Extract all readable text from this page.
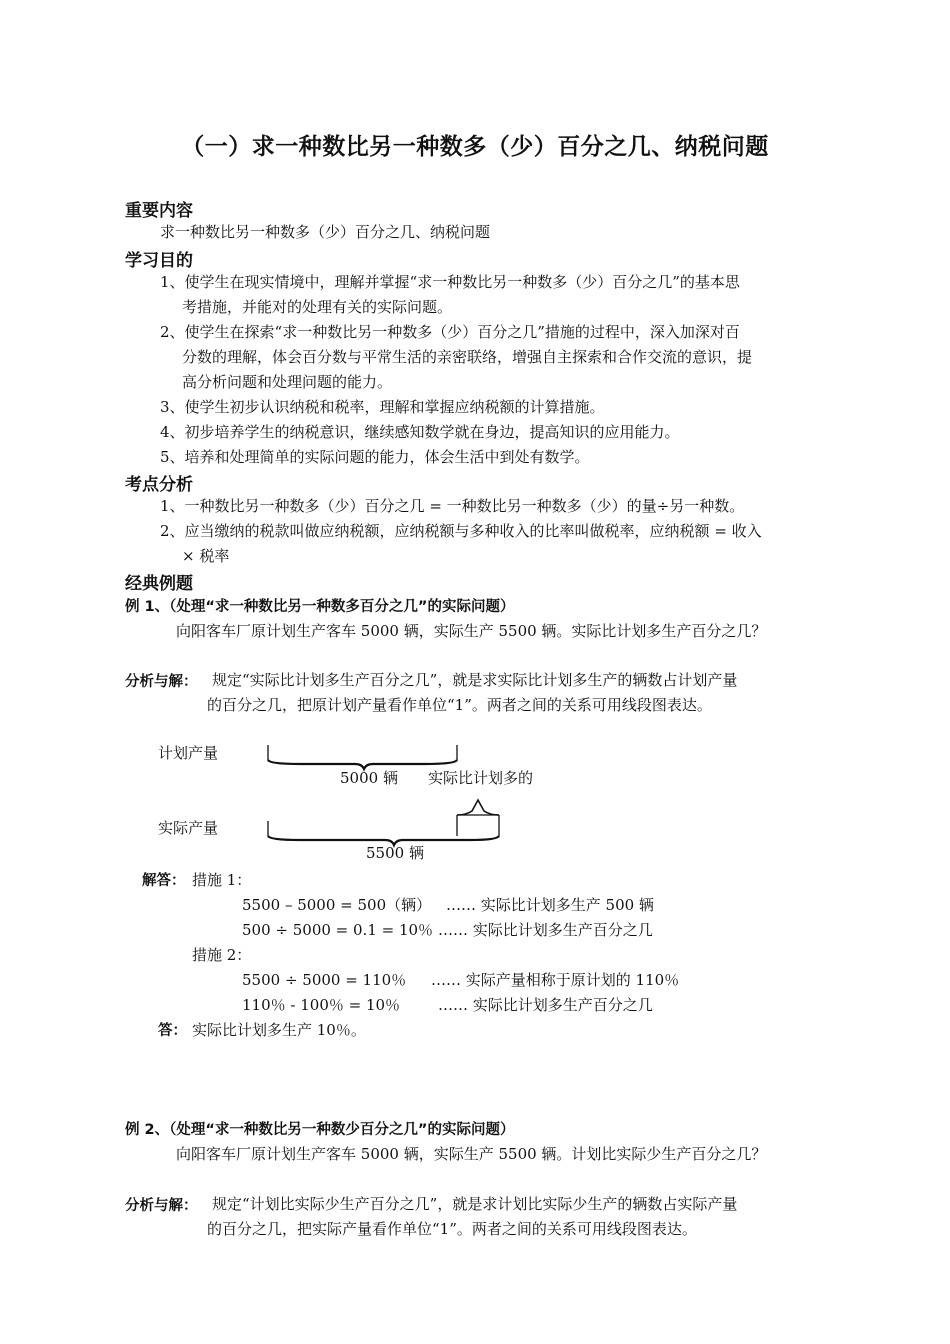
（一）求一种数比另一种数多（少）百分之几、纳税问题
重要内容
求一种数比另一种数多（少）百分之几、纳税问题
学习目的
1、使学生在现实情境中，理解并掌握“求一种数比另一种数多（少）百分之几”的基本思
考措施，并能对的处理有关的实际问题。
2、使学生在探索“求一种数比另一种数多（少）百分之几”措施的过程中，深入加深对百
分数的理解，体会百分数与平常生活的亲密联络，增强自主探索和合作交流的意识，提
高分析问题和处理问题的能力。
3、使学生初步认识纳税和税率，理解和掌握应纳税额的计算措施。
4、初步培养学生的纳税意识，继续感知数学就在身边，提高知识的应用能力。
5、培养和处理简单的实际问题的能力，体会生活中到处有数学。
考点分析
1、一种数比另一种数多（少）百分之几 = 一种数比另一种数多（少）的量÷另一种数。
2、应当缴纳的税款叫做应纳税额，应纳税额与多种收入的比率叫做税率，应纳税额 = 收入
× 税率
经典例题
例 1、（处理“求一种数比另一种数多百分之几”的实际问题）
向阳客车厂原计划生产客车 5000 辆，实际生产 5500 辆。实际比计划多生产百分之几？
分析与解： 规定“实际比计划多生产百分之几”，就是求实际比计划多生产的辆数占计划产量
的百分之几，把原计划产量看作单位“1”。两者之间的关系可用线段图表达。
计划产量
5000 辆 实际比计划多的
实际产量
5500 辆
解答： 措施 1：
5500 – 5000 = 500（辆） …… 实际比计划多生产 500 辆
500 ÷ 5000 = 0.1 = 10％ …… 实际比计划多生产百分之几
措施 2：
5500 ÷ 5000 = 110％ …… 实际产量相称于原计划的 110％
110％ - 100％ = 10％	…… 实际比计划多生产百分之几
答： 实际比计划多生产 10％。
例 2、（处理“求一种数比另一种数少百分之几”的实际问题）
向阳客车厂原计划生产客车 5000 辆，实际生产 5500 辆。计划比实际少生产百分之几？
分析与解： 规定“计划比实际少生产百分之几”，就是求计划比实际少生产的辆数占实际产量
的百分之几，把实际产量看作单位“1”。两者之间的关系可用线段图表达。
